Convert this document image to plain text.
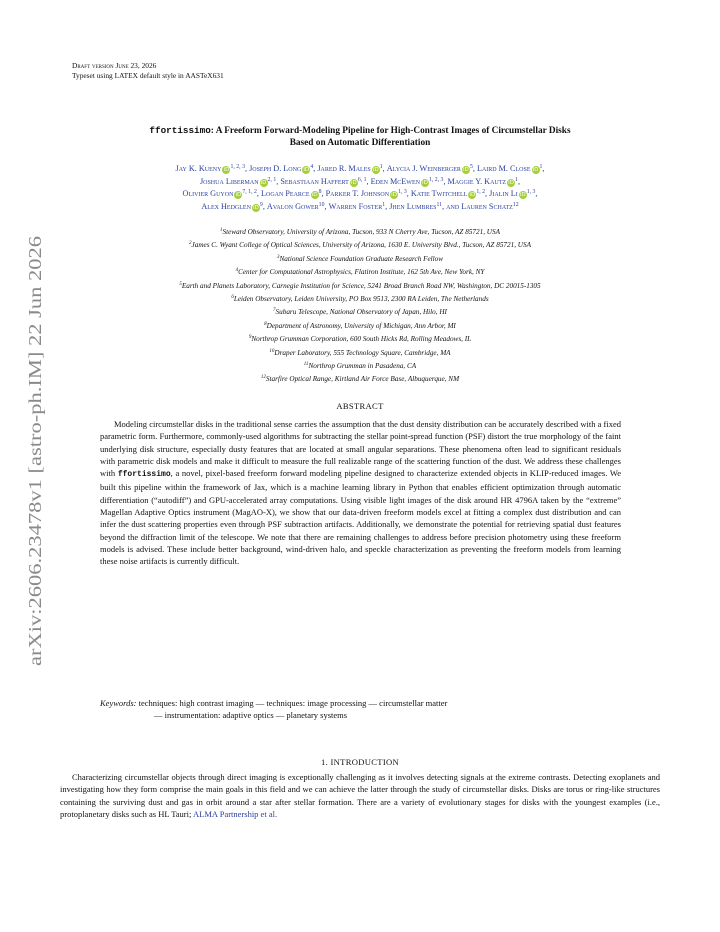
Draft version June 23, 2026
Typeset using LATEX default style in AASTeX631
arXiv:2606.23478v1 [astro-ph.IM] 22 Jun 2026
ffortissimo: A Freeform Forward-Modeling Pipeline for High-Contrast Images of Circumstellar Disks
Based on Automatic Differentiation
Jay K. Kueny iD$^{1, 2, 3}$, Joseph D. Long $iD^4$, Jared R. Males $iD^1$, Alycia J. Weinberger $iD^5$, Laird M. Close $iD^1$,
Joshua Liberman iD$^{2, 1}$, Sebastiaan Haffert iD$^{6, 1}$, Eden McEwen iD$^{1, 2, 3}$, Maggie Y. Kautz $iD^1$,
Olivier Guyon iD$^{7, 1, 2}$, Logan Pearce $iD^8$, Parker T. Johnson iD$^{1, 3}$, Katie Twitchell iD$^{1, 2}$, Jialin Li iD$^{1, 3}$,
Alex Hedglen $iD^9$, Avalon Gower$^{10}$, Warren Foster$^1$, Jhen Lumbres$^{11}$, and Lauren Schatz$^{12}$
$^1$Steward Observatory, University of Arizona, Tucson, 933 N Cherry Ave, Tucson, AZ 85721, USA
$^2$James C. Wyant College of Optical Sciences, University of Arizona, 1630 E. University Blvd., Tucson, AZ 85721, USA
$^3$National Science Foundation Graduate Research Fellow
$^4$Center for Computational Astrophysics, Flatiron Institute, 162 5th Ave, New York, NY
$^5$Earth and Planets Laboratory, Carnegie Institution for Science, 5241 Broad Branch Road NW, Washington, DC 20015-1305
$^6$Leiden Observatory, Leiden University, PO Box 9513, 2300 RA Leiden, The Netherlands
$^7$Subaru Telescope, National Observatory of Japan, Hilo, HI
$^8$Department of Astronomy, University of Michigan, Ann Arbor, MI
$^9$Northrop Grumman Corporation, 600 South Hicks Rd, Rolling Meadows, IL
$^{10}$Draper Laboratory, 555 Technology Square, Cambridge, MA
$^{11}$Northrop Grumman in Pasadena, CA
$^{12}$Starfire Optical Range, Kirtland Air Force Base, Albuquerque, NM
ABSTRACT

Modeling circumstellar disks in the traditional sense carries the assumption that the dust density distribution can be accurately described with a fixed parametric form. Furthermore, commonly-used algorithms for subtracting the stellar point-spread function (PSF) distort the true morphology of the faint underlying disk structure, especially dusty features that are located at small angular separations. These phenomena often lead to significant residuals with parametric disk models and make it difficult to measure the full realizable range of the scattering function of the dust. We address these challenges with ffortissimo, a novel, pixel-based freeform forward modeling pipeline designed to characterize extended objects in KLIP-reduced images. We built this pipeline within the framework of Jax, which is a machine learning library in Python that enables efficient optimization through automatic differentiation (“autodiff”) and GPU-accelerated array computations. Using visible light images of the disk around HR 4796A taken by the “extreme” Magellan Adaptive Optics instrument (MagAO-X), we show that our data-driven freeform models excel at fitting a complex dust distribution and can infer the dust scattering properties even through PSF subtraction artifacts. Additionally, we demonstrate the potential for retrieving spatial dust features beyond the diffraction limit of the telescope. We note that there are remaining challenges to address before precision photometry using these freeform models is advised. These include better background, wind-driven halo, and speckle characterization as preventing the freeform models from learning these noise artifacts is currently difficult.

Keywords: techniques: high contrast imaging — techniques: image processing — circumstellar matter
— instrumentation: adaptive optics — planetary systems
1. INTRODUCTION

Characterizing circumstellar objects through direct imaging is exceptionally challenging as it involves detecting signals at the extreme contrasts. Detecting exoplanets and investigating how they form comprise the main goals in this field and we can achieve the latter through the study of circumstellar disks. Disks are torus or ring-like structures containing the surviving dust and gas in orbit around a star after stellar formation. There are a variety of evolutionary stages for disks with the youngest examples (i.e., protoplanetary disks such as HL Tauri; ALMA Partnership et al.
